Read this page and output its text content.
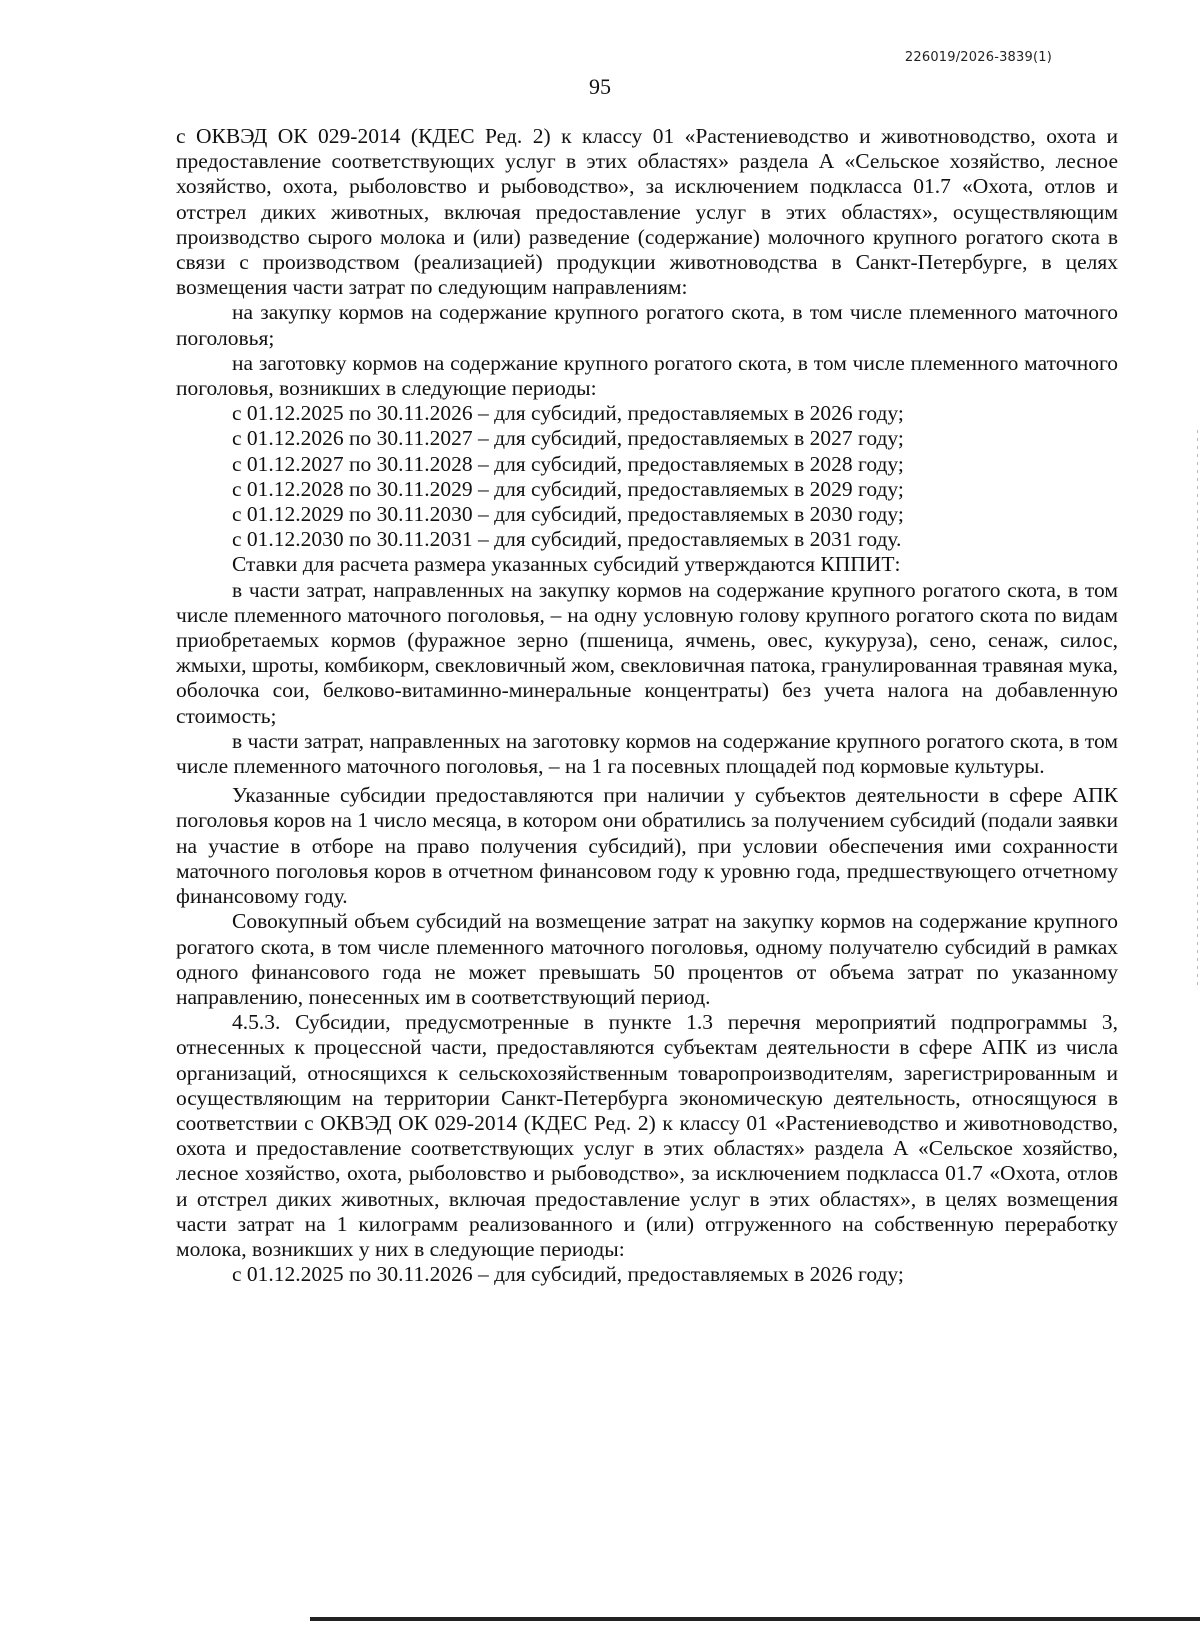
226019/2026-3839(1)
95

с ОКВЭД ОК 029-2014 (КДЕС Ред. 2) к классу 01 «Растениеводство и животноводство, охота и предоставление соответствующих услуг в этих областях» раздела А «Сельское хозяйство, лесное хозяйство, охота, рыболовство и рыбоводство», за исключением подкласса 01.7 «Охота, отлов и отстрел диких животных, включая предоставление услуг в этих областях», осуществляющим производство сырого молока и (или) разведение (содержание) молочного крупного рогатого скота в связи с производством (реализацией) продукции животноводства в Санкт-Петербурге, в целях возмещения части затрат по следующим направлениям:

на закупку кормов на содержание крупного рогатого скота, в том числе племенного маточного поголовья;

на заготовку кормов на содержание крупного рогатого скота, в том числе племенного маточного поголовья, возникших в следующие периоды:

с 01.12.2025 по 30.11.2026 – для субсидий, предоставляемых в 2026 году;

с 01.12.2026 по 30.11.2027 – для субсидий, предоставляемых в 2027 году;

с 01.12.2027 по 30.11.2028 – для субсидий, предоставляемых в 2028 году;

с 01.12.2028 по 30.11.2029 – для субсидий, предоставляемых в 2029 году;

с 01.12.2029 по 30.11.2030 – для субсидий, предоставляемых в 2030 году;

с 01.12.2030 по 30.11.2031 – для субсидий, предоставляемых в 2031 году.

Ставки для расчета размера указанных субсидий утверждаются КППИТ:

в части затрат, направленных на закупку кормов на содержание крупного рогатого скота, в том числе племенного маточного поголовья, – на одну условную голову крупного рогатого скота по видам приобретаемых кормов (фуражное зерно (пшеница, ячмень, овес, кукуруза), сено, сенаж, силос, жмыхи, шроты, комбикорм, свекловичный жом, свекловичная патока, гранулированная травяная мука, оболочка сои, белково-витаминно-минеральные концентраты) без учета налога на добавленную стоимость;

в части затрат, направленных на заготовку кормов на содержание крупного рогатого скота, в том числе племенного маточного поголовья, – на 1 га посевных площадей под кормовые культуры.

Указанные субсидии предоставляются при наличии у субъектов деятельности в сфере АПК поголовья коров на 1 число месяца, в котором они обратились за получением субсидий (подали заявки на участие в отборе на право получения субсидий), при условии обеспечения ими сохранности маточного поголовья коров в отчетном финансовом году к уровню года, предшествующего отчетному финансовому году.

Совокупный объем субсидий на возмещение затрат на закупку кормов на содержание крупного рогатого скота, в том числе племенного маточного поголовья, одному получателю субсидий в рамках одного финансового года не может превышать 50 процентов от объема затрат по указанному направлению, понесенных им в соответствующий период.

4.5.3. Субсидии, предусмотренные в пункте 1.3 перечня мероприятий подпрограммы 3, отнесенных к процессной части, предоставляются субъектам деятельности в сфере АПК из числа организаций, относящихся к сельскохозяйственным товаропроизводителям, зарегистрированным и осуществляющим на территории Санкт-Петербурга экономическую деятельность, относящуюся в соответствии с ОКВЭД ОК 029-2014 (КДЕС Ред. 2) к классу 01 «Растениеводство и животноводство, охота и предоставление соответствующих услуг в этих областях» раздела А «Сельское хозяйство, лесное хозяйство, охота, рыболовство и рыбоводство», за исключением подкласса 01.7 «Охота, отлов и отстрел диких животных, включая предоставление услуг в этих областях», в целях возмещения части затрат на 1 килограмм реализованного и (или) отгруженного на собственную переработку молока, возникших у них в следующие периоды:

с 01.12.2025 по 30.11.2026 – для субсидий, предоставляемых в 2026 году;
